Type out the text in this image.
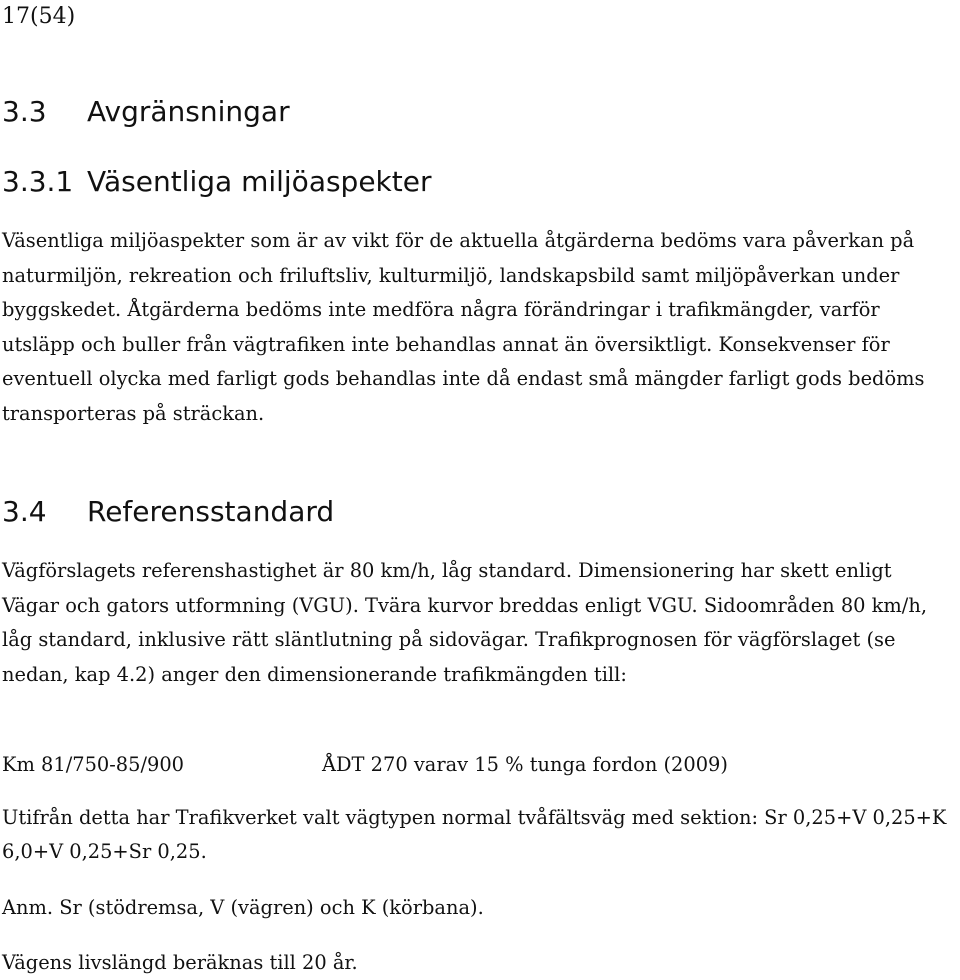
17(54)
3.3 Avgränsningar
3.3.1 Väsentliga miljöaspekter

Väsentliga miljöaspekter som är av vikt för de aktuella åtgärderna bedöms vara påverkan på naturmiljön, rekreation och friluftsliv, kulturmiljö, landskapsbild samt miljöpåverkan under byggskedet. Åtgärderna bedöms inte medföra några förändringar i trafikmängder, varför utsläpp och buller från vägtrafiken inte behandlas annat än översiktligt. Konsekvenser för eventuell olycka med farligt gods behandlas inte då endast små mängder farligt gods bedöms transporteras på sträckan.

3.4 Referensstandard

Vägförslagets referenshastighet är 80 km/h, låg standard. Dimensionering har skett enligt Vägar och gators utformning (VGU). Tvära kurvor breddas enligt VGU. Sidoområden 80 km/h, låg standard, inklusive rätt släntlutning på sidovägar. Trafikprognosen för vägförslaget (se nedan, kap 4.2) anger den dimensionerande trafikmängden till:

Km 81/750-85/900	ÅDT 270 varav 15 % tunga fordon (2009)

Utifrån detta har Trafikverket valt vägtypen normal tvåfältsväg med sektion: Sr 0,25+V 0,25+K 6,0+V 0,25+Sr 0,25.

Anm. Sr (stödremsa, V (vägren) och K (körbana).
Vägens livslängd beräknas till 20 år.
